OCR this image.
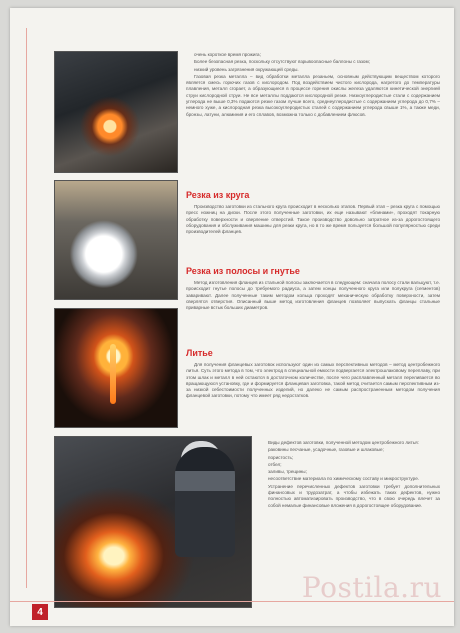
очень короткое время прожига;

Более безопасная резка, поскольку отсутствуют взрывоопасные баллоны с газом;

низкий уровень загрязнения окружающей среды.

Газовая резка металла – вид обработки металла резаньем, основным действующим веществом которого является смесь горючих газов с кислородом. Под воздействием чистого кислорода, нагретого до температуры плавления, металл сгорает, а образующиеся в процессе горения окислы железа удаляются кинетической энергией струи кислородной струи. Не все металлы поддаются кислородной резке. Низкоуглеродистые стали с содержанием углерода не выше 0,3% подаются резке газом лучше всего, среднеуглеродистые с содержанием углерода до 0,7% – немного хуже, а кислородная резка высокоуглеродистых сталей с содержанием углерода свыше 1%, а также меди, бронзы, латуни, алюминия и его сплавов, возможна только с добавлением флюсов.

Резка из круга

Производство заготовки из стального круга происходит в несколько этапов. Первый этап – резка круга с помощью пресс ножниц на диски. После этого полученные заготовки, их еще называют «блинами», проходят токарную обработку поверхности и сверление отверстий. Такое производство довольно затратное из-за дорогостоящего оборудования и обслуживания машины для резки круга, но в то же время пользуется большой популярностью среди производителей фланцев.

Резка из полосы и гнутье

Метод изготовления фланцев из стальной полосы заключается в следующем: сначала полосу стали вальцуют, т.е. происходит гнутье полосы до требуемого радиуса, а затем концы полученного круга или полукруга (сегментов) заваривают. Далее полученные таким методом кольца проходят механическую обработку поверхности, затем сверлятся отверстия. Описанный выше метод изготовления фланцев позволяет выпускать фланцы стальные приварные встык больших диаметров.

Литье

Для получения фланцевых заготовок используют один из самых перспективных методов – метод центробежного литья. Суть этого метода в том, что электрод в специальной емкости подвергается электрошлаковому переплаву, при этом шлак и металл в ней остаются в достаточном количестве, после чего расплавленный металл переливается во вращающуюся установку, где и формируется фланцевая заготовка, такой метод считается самым перспективным из-за низкой себестоимости полученных изделий, но далеко не самым распространенным методом получения фланцевой заготовки, потому что имеет ряд недостатков.

Виды дефектов заготовки, полученной методом центробежного литья:

раковины песчаные, усадочные, газовые и шлаковые;

пористость;

отбел;

заливы, трещины;

несоответствие материала по химическому составу и микроструктуре.

Устранение перечисленных дефектов заготовки требует дополнительных финансовых и трудозатрат, а чтобы избежать таких дефектов, нужно полностью автоматизировать производство, что в свою очередь влечет за собой немалые финансовые вложения в дорогостоящее оборудование.

4
Postila.ru
